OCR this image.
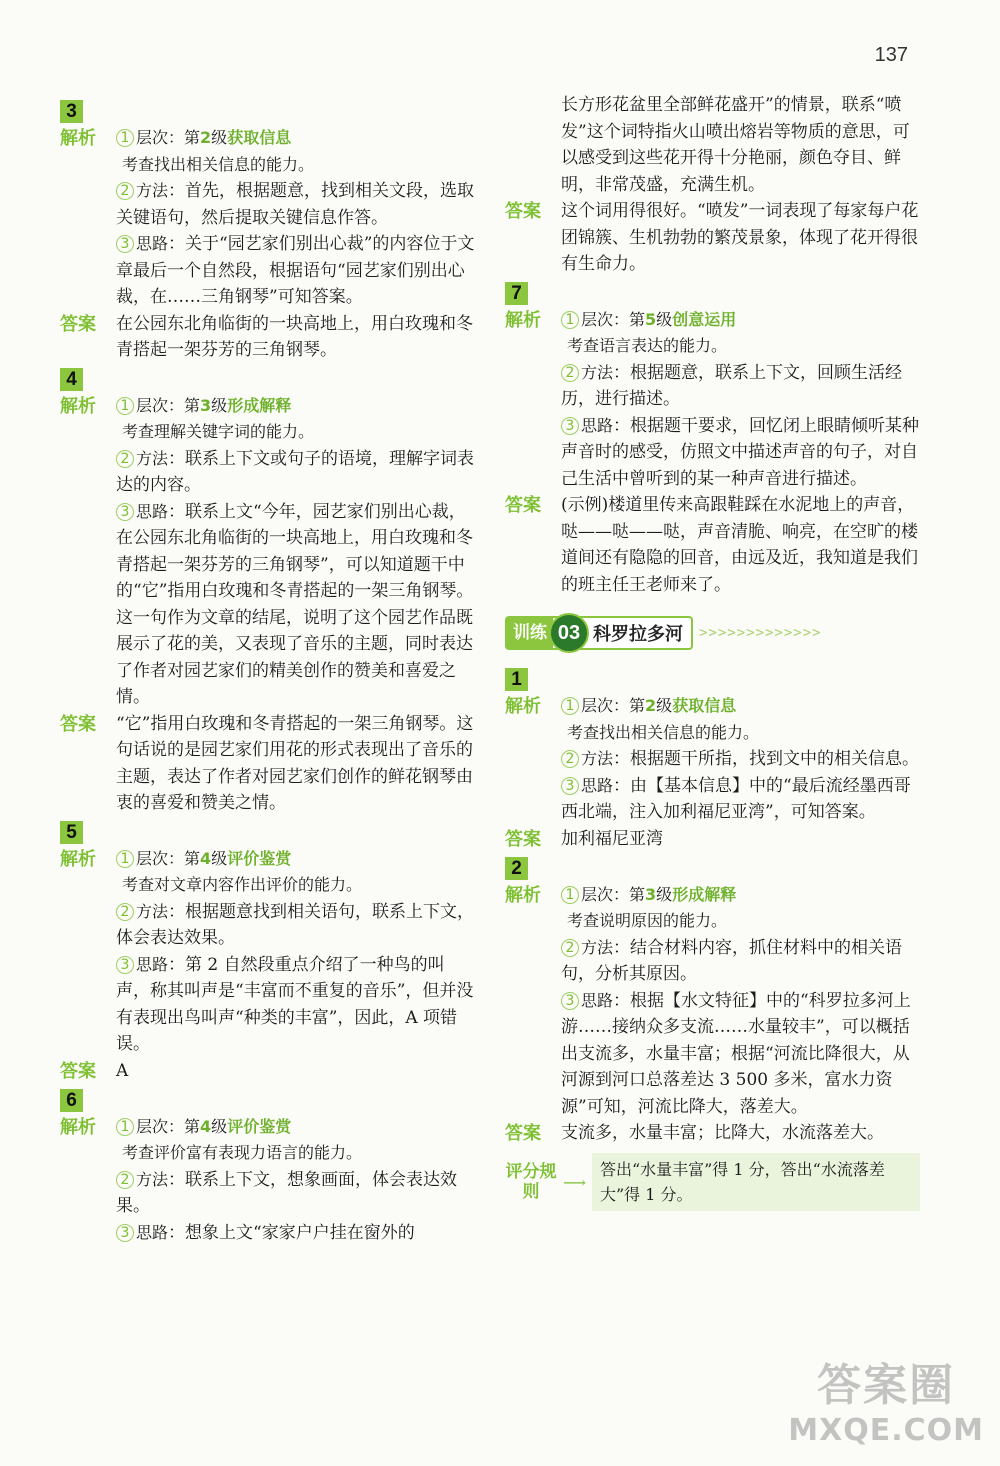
137
3
解析	1 层次：第2级获取信息
考查找出相关信息的能力。
2 方法：首先，根据题意，找到相关文段，选取关键语句，然后提取关键信息作答。
3 思路：关于“园艺家们别出心裁”的内容位于文章最后一个自然段，根据语句“园艺家们别出心裁，在……三角钢琴”可知答案。
答案	在公园东北角临街的一块高地上，用白玫瑰和冬青搭起一架芬芳的三角钢琴。
4
解析	1 层次：第3级形成解释
考查理解关键字词的能力。
2 方法：联系上下文或句子的语境，理解字词表达的内容。
3 思路：联系上文“今年，园艺家们别出心裁，在公园东北角临街的一块高地上，用白玫瑰和冬青搭起一架芬芳的三角钢琴”，可以知道题干中的“它”指用白玫瑰和冬青搭起的一架三角钢琴。这一句作为文章的结尾，说明了这个园艺作品既展示了花的美，又表现了音乐的主题，同时表达了作者对园艺家们的精美创作的赞美和喜爱之情。
答案	“它”指用白玫瑰和冬青搭起的一架三角钢琴。这句话说的是园艺家们用花的形式表现出了音乐的主题，表达了作者对园艺家们创作的鲜花钢琴由衷的喜爱和赞美之情。
5
解析	1 层次：第4级评价鉴赏
考查对文章内容作出评价的能力。
2 方法：根据题意找到相关语句，联系上下文，体会表达效果。
3 思路：第 2 自然段重点介绍了一种鸟的叫声，称其叫声是“丰富而不重复的音乐”，但并没有表现出鸟叫声“种类的丰富”，因此，A 项错误。
答案	A
6
解析	1 层次：第4级评价鉴赏
考查评价富有表现力语言的能力。
2 方法：联系上下文，想象画面，体会表达效果。
3 思路：想象上文“家家户户挂在窗外的
长方形花盆里全部鲜花盛开”的情景，联系“喷发”这个词特指火山喷出熔岩等物质的意思，可以感受到这些花开得十分艳丽，颜色夺目、鲜明，非常茂盛，充满生机。
答案	这个词用得很好。“喷发”一词表现了每家每户花团锦簇、生机勃勃的繁茂景象，体现了花开得很有生命力。
7
解析	1 层次：第5级创意运用
考查语言表达的能力。
2 方法：根据题意，联系上下文，回顾生活经历，进行描述。
3 思路：根据题干要求，回忆闭上眼睛倾听某种声音时的感受，仿照文中描述声音的句子，对自己生活中曾听到的某一种声音进行描述。
答案	(示例)楼道里传来高跟鞋踩在水泥地上的声音，哒——哒——哒，声音清脆、响亮，在空旷的楼道间还有隐隐的回音，由远及近，我知道是我们的班主任王老师来了。
训练 03 科罗拉多河 >>>>>>>>>>>>>
1
解析	1 层次：第2级获取信息
考查找出相关信息的能力。
2 方法：根据题干所指，找到文中的相关信息。
3 思路：由【基本信息】中的“最后流经墨西哥西北端，注入加利福尼亚湾”，可知答案。
答案	加利福尼亚湾
2
解析	1 层次：第3级形成解释
考查说明原因的能力。
2 方法：结合材料内容，抓住材料中的相关语句，分析其原因。
3 思路：根据【水文特征】中的“科罗拉多河上游……接纳众多支流……水量较丰”，可以概括出支流多，水量丰富；根据“河流比降很大，从河源到河口总落差达 3 500 多米，富水力资源”可知，河流比降大，落差大。
答案	支流多，水量丰富；比降大，水流落差大。
评分规则	⟶
答出“水量丰富”得 1 分，答出“水流落差大”得 1 分。
答案圈
MXQE.COM
